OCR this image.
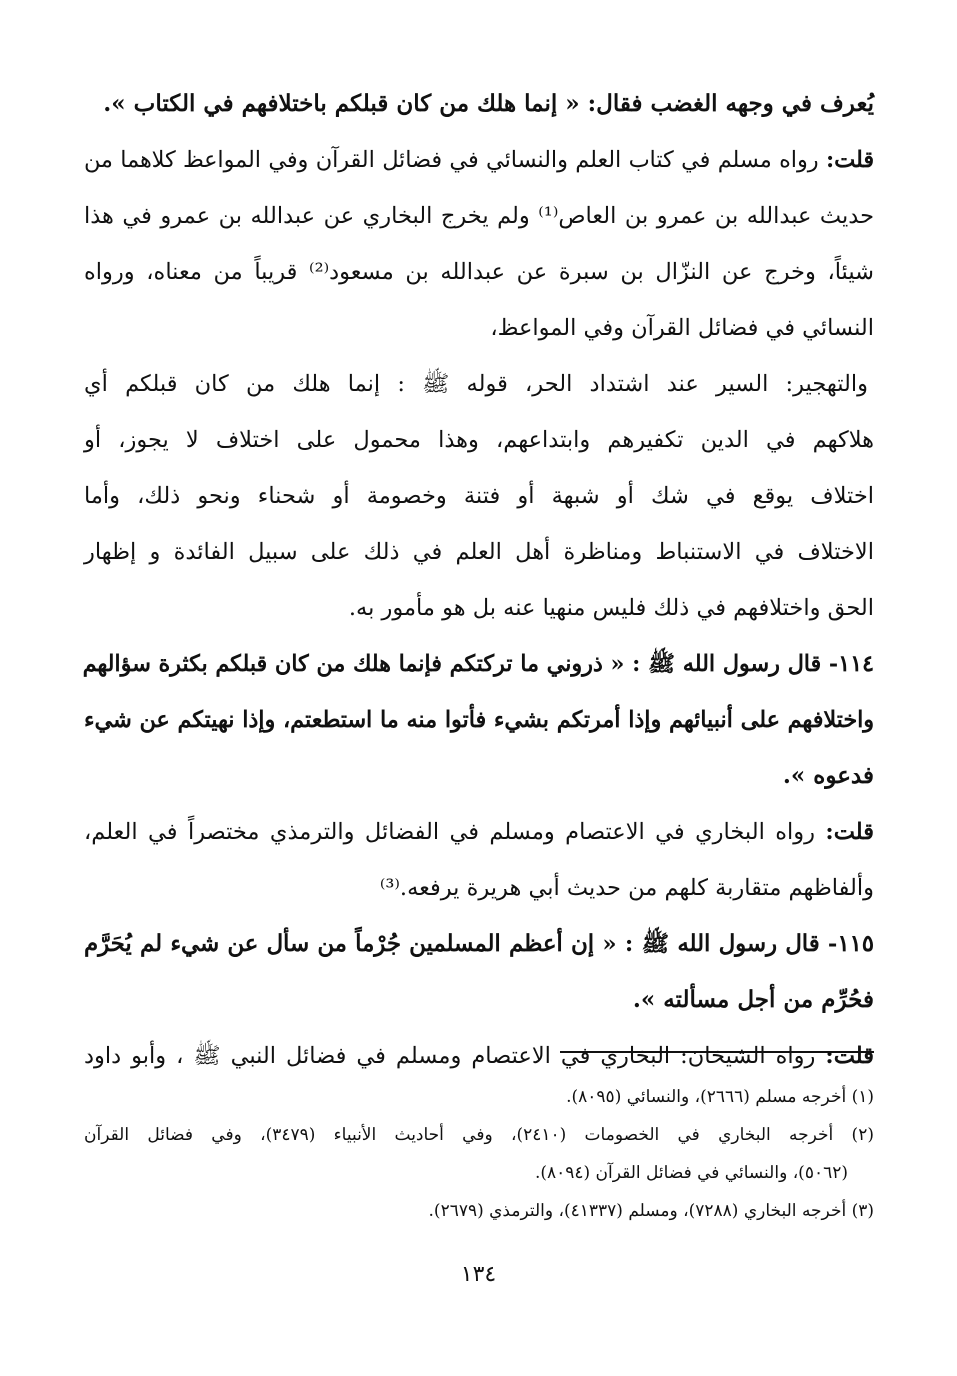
يُعرف في وجهه الغضب فقال: « إنما هلك من كان قبلكم باختلافهم في الكتاب ».
قلت: رواه مسلم في كتاب العلم والنسائي في فضائل القرآن وفي المواعظ كلاهما من
حديث عبدالله بن عمرو بن العاص⁽¹⁾ ولم يخرج البخاري عن عبدالله بن عمرو في هذا
شيئاً، وخرج عن النزّال بن سبرة عن عبدالله بن مسعود⁽²⁾ قريباً من معناه، ورواه
النسائي في فضائل القرآن وفي المواعظ،
والتهجير: السير عند اشتداد الحر، قوله ﷺ : إنما هلك من كان قبلكم أي
هلاكهم في الدين تكفيرهم وابتداعهم، وهذا محمول على اختلاف لا يجوز، أو
اختلاف يوقع في شك أو شبهة أو فتنة وخصومة أو شحناء ونحو ذلك، وأما
الاختلاف في الاستنباط ومناظرة أهل العلم في ذلك على سبيل الفائدة و إظهار
الحق واختلافهم في ذلك فليس منهيا عنه بل هو مأمور به.
١١٤- قال رسول الله ﷺ : « ذروني ما تركتكم فإنما هلك من كان قبلكم بكثرة سؤالهم
واختلافهم على أنبيائهم وإذا أمرتكم بشيء فأتوا منه ما استطعتم، وإذا نهيتكم عن شيء
فدعوه ».
قلت: رواه البخاري في الاعتصام ومسلم في الفضائل والترمذي مختصراً في العلم،
وألفاظهم متقاربة كلهم من حديث أبي هريرة يرفعه.⁽³⁾
١١٥- قال رسول الله ﷺ : « إن أعظم المسلمين جُرْماً من سأل عن شيء لم يُحَرَّم
فحُرِّم من أجل مسألته ».
قلت: رواه الشيخان: البخاري في الاعتصام ومسلم في فضائل النبي ﷺ ، وأبو داود
(١) أخرجه مسلم (٢٦٦٦)، والنسائي (٨٠٩٥).
(٢) أخرجه البخاري في الخصومات (٢٤١٠)، وفي أحاديث الأنبياء (٣٤٧٩)، وفي فضائل القرآن
(٥٠٦٢)، والنسائي في فضائل القرآن (٨٠٩٤).
(٣) أخرجه البخاري (٧٢٨٨)، ومسلم (٤١٣٣٧)، والترمذي (٢٦٧٩).
١٣٤
